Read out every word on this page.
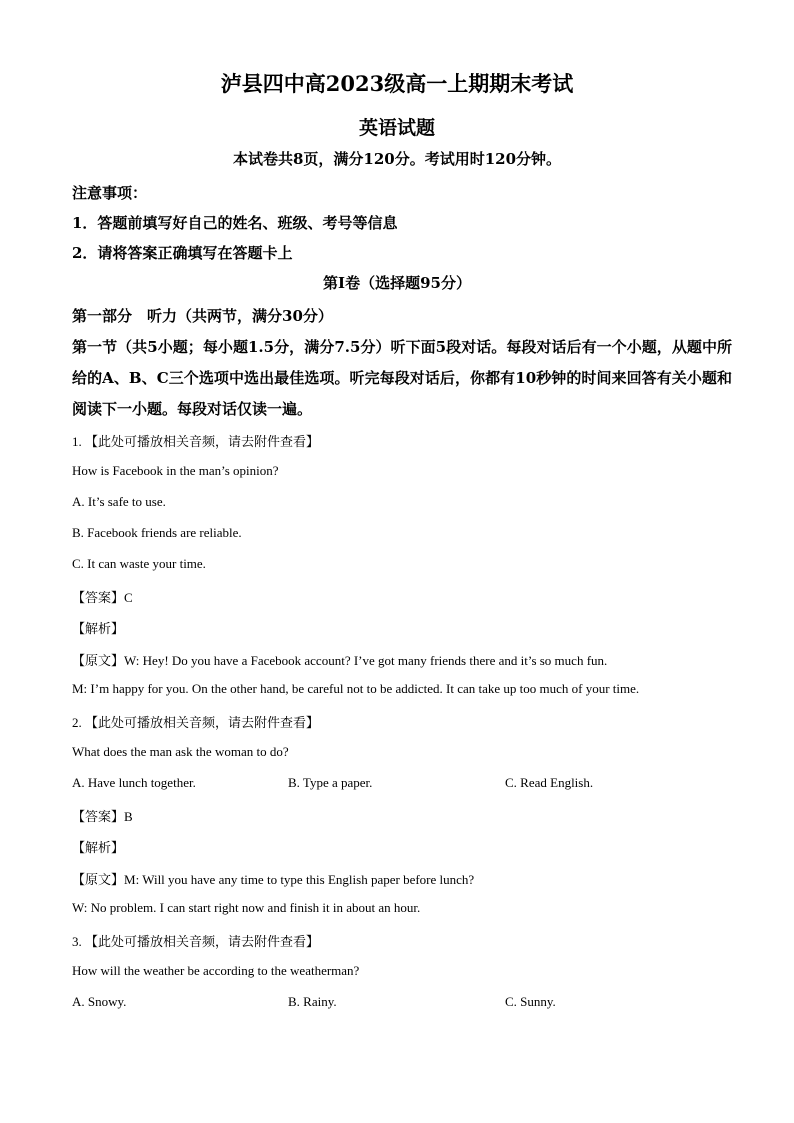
泸县四中高2023级高一上期期末考试
英语试题
本试卷共8页，满分120分。考试用时120分钟。
注意事项：
1．答题前填写好自己的姓名、班级、考号等信息
2．请将答案正确填写在答题卡上
第I卷（选择题95分）
第一部分　听力（共两节，满分30分）
第一节（共5小题；每小题1.5分，满分7.5分）听下面5段对话。每段对话后有一个小题，从题中所给的A、B、C三个选项中选出最佳选项。听完每段对话后，你都有10秒钟的时间来回答有关小题和阅读下一小题。每段对话仅读一遍。
1. 【此处可播放相关音频，请去附件查看】
How is Facebook in the man’s opinion?
A. It’s safe to use.
B. Facebook friends are reliable.
C. It can waste your time.
【答案】C
【解析】
【原文】W: Hey! Do you have a Facebook account? I’ve got many friends there and it’s so much fun.
M: I’m happy for you. On the other hand, be careful not to be addicted. It can take up too much of your time.
2. 【此处可播放相关音频，请去附件查看】
What does the man ask the woman to do?
A. Have lunch together.	B. Type a paper.	C. Read English.
【答案】B
【解析】
【原文】M: Will you have any time to type this English paper before lunch?
W: No problem. I can start right now and finish it in about an hour.
3. 【此处可播放相关音频，请去附件查看】
How will the weather be according to the weatherman?
A. Snowy.	B. Rainy.	C. Sunny.
